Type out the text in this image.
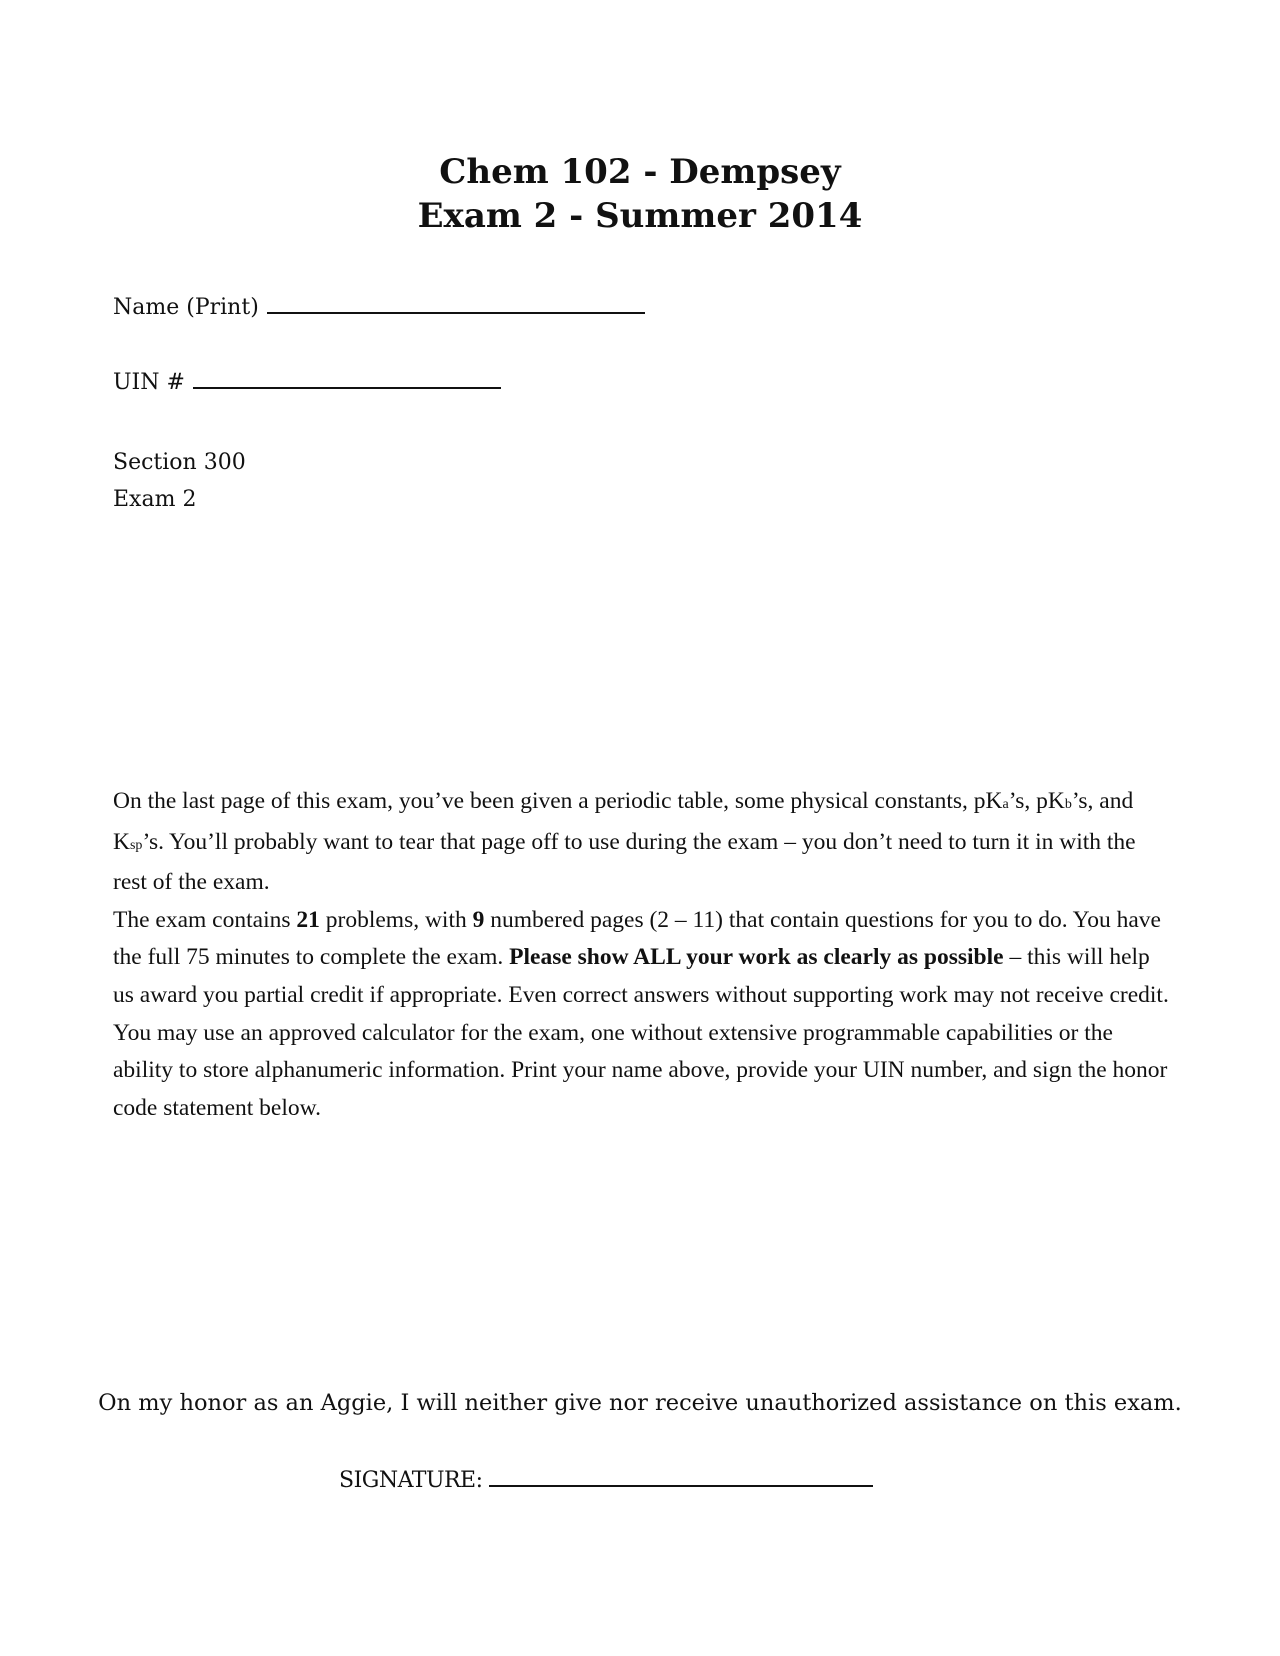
Chem 102 - Dempsey
Exam 2 - Summer 2014
Name (Print)
UIN #
Section 300
Exam 2

On the last page of this exam, you’ve been given a periodic table, some physical constants, pKa’s, pKb’s, and Ksp’s. You’ll probably want to tear that page off to use during the exam – you don’t need to turn it in with the rest of the exam.

The exam contains 21 problems, with 9 numbered pages (2 – 11) that contain questions for you to do. You have the full 75 minutes to complete the exam. Please show ALL your work as clearly as possible – this will help us award you partial credit if appropriate. Even correct answers without supporting work may not receive credit. You may use an approved calculator for the exam, one without extensive programmable capabilities or the ability to store alphanumeric information. Print your name above, provide your UIN number, and sign the honor code statement below.

On my honor as an Aggie, I will neither give nor receive unauthorized assistance on this exam.

SIGNATURE:
